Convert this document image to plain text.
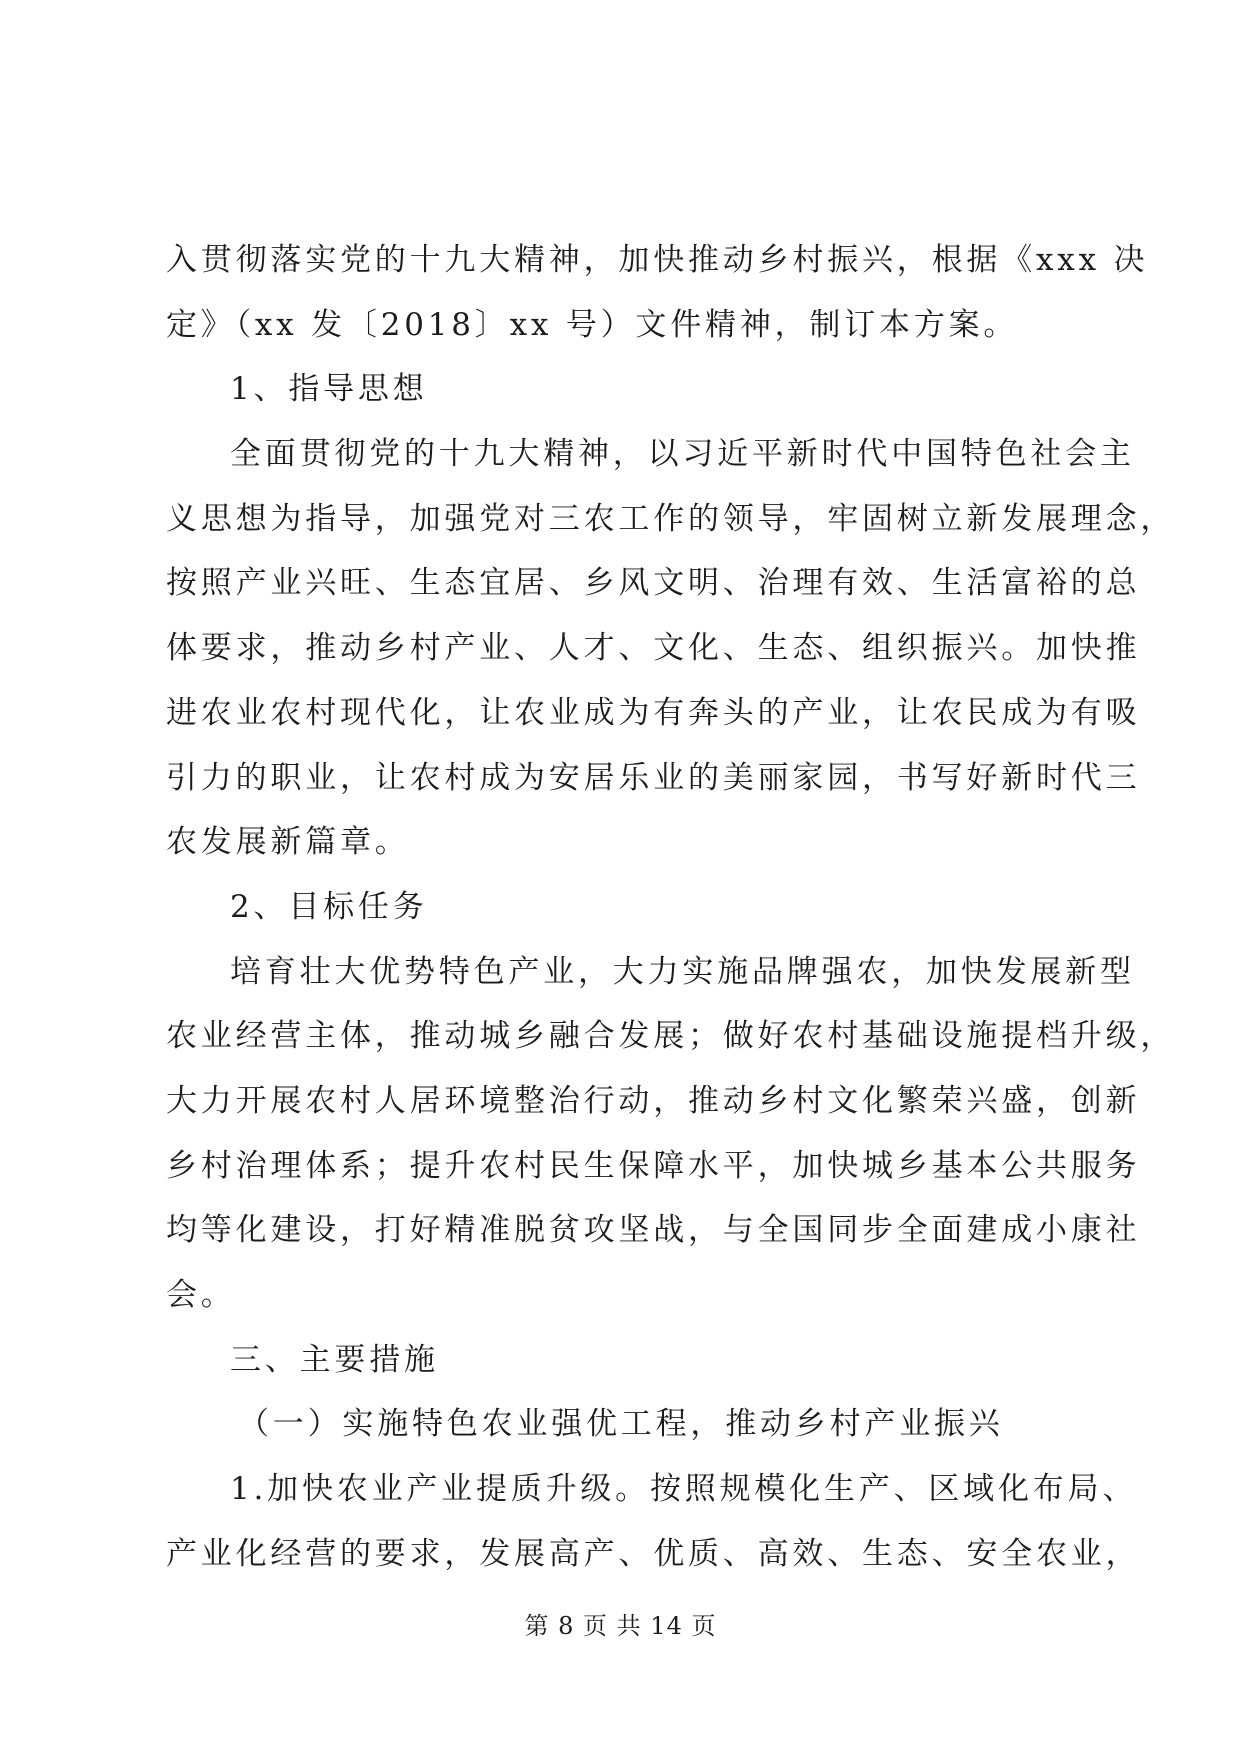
入贯彻落实党的十九大精神，加快推动乡村振兴，根据《xxx 决
定》（xx 发〔2018〕xx 号）文件精神，制订本方案。
1、指导思想
全面贯彻党的十九大精神，以习近平新时代中国特色社会主
义思想为指导，加强党对三农工作的领导，牢固树立新发展理念，
按照产业兴旺、生态宜居、乡风文明、治理有效、生活富裕的总
体要求，推动乡村产业、人才、文化、生态、组织振兴。加快推
进农业农村现代化，让农业成为有奔头的产业，让农民成为有吸
引力的职业，让农村成为安居乐业的美丽家园，书写好新时代三
农发展新篇章。
2、目标任务
培育壮大优势特色产业，大力实施品牌强农，加快发展新型
农业经营主体，推动城乡融合发展；做好农村基础设施提档升级，
大力开展农村人居环境整治行动，推动乡村文化繁荣兴盛，创新
乡村治理体系；提升农村民生保障水平，加快城乡基本公共服务
均等化建设，打好精准脱贫攻坚战，与全国同步全面建成小康社
会。
三、主要措施
（一）实施特色农业强优工程，推动乡村产业振兴
1.加快农业产业提质升级。按照规模化生产、区域化布局、
产业化经营的要求，发展高产、优质、高效、生态、安全农业，
第 8 页 共 14 页
